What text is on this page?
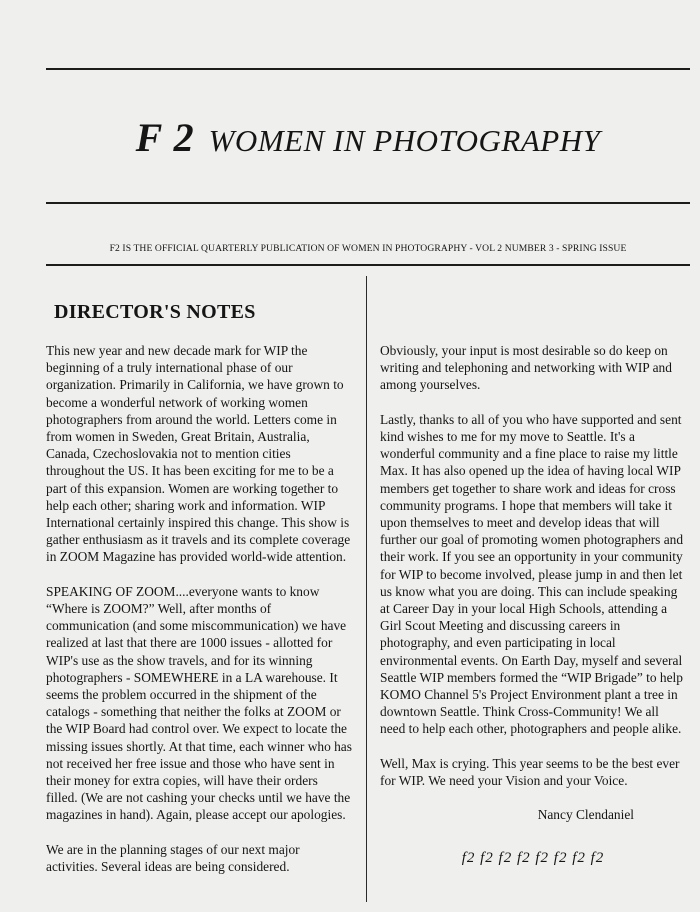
F 2 WOMEN IN PHOTOGRAPHY
F2 IS THE OFFICIAL QUARTERLY PUBLICATION OF WOMEN IN PHOTOGRAPHY - VOL 2 NUMBER 3 - SPRING ISSUE
DIRECTOR'S NOTES

This new year and new decade mark for WIP the beginning of a truly international phase of our organization. Primarily in California, we have grown to become a wonderful network of working women photographers from around the world. Letters come in from women in Sweden, Great Britain, Australia, Canada, Czechoslovakia not to mention cities throughout the US. It has been exciting for me to be a part of this expansion. Women are working together to help each other; sharing work and information. WIP International certainly inspired this change. This show is gather enthusiasm as it travels and its complete coverage in ZOOM Magazine has provided world-wide attention.

SPEAKING OF ZOOM....everyone wants to know “Where is ZOOM?” Well, after months of communication (and some miscommunication) we have realized at last that there are 1000 issues - allotted for WIP's use as the show travels, and for its winning photographers - SOMEWHERE in a LA warehouse. It seems the problem occurred in the shipment of the catalogs - something that neither the folks at ZOOM or the WIP Board had control over. We expect to locate the missing issues shortly. At that time, each winner who has not received her free issue and those who have sent in their money for extra copies, will have their orders filled. (We are not cashing your checks until we have the magazines in hand). Again, please accept our apologies.

We are in the planning stages of our next major activities. Several ideas are being considered.

Obviously, your input is most desirable so do keep on writing and telephoning and networking with WIP and among yourselves.

Lastly, thanks to all of you who have supported and sent kind wishes to me for my move to Seattle. It's a wonderful community and a fine place to raise my little Max. It has also opened up the idea of having local WIP members get together to share work and ideas for cross community programs. I hope that members will take it upon themselves to meet and develop ideas that will further our goal of promoting women photographers and their work. If you see an opportunity in your community for WIP to become involved, please jump in and then let us know what you are doing. This can include speaking at Career Day in your local High Schools, attending a Girl Scout Meeting and discussing careers in photography, and even participating in local environmental events. On Earth Day, myself and several Seattle WIP members formed the “WIP Brigade” to help KOMO Channel 5's Project Environment plant a tree in downtown Seattle. Think Cross-Community! We all need to help each other, photographers and people alike.

Well, Max is crying. This year seems to be the best ever for WIP. We need your Vision and your Voice.

Nancy Clendaniel

f2 f2 f2 f2 f2 f2 f2 f2
